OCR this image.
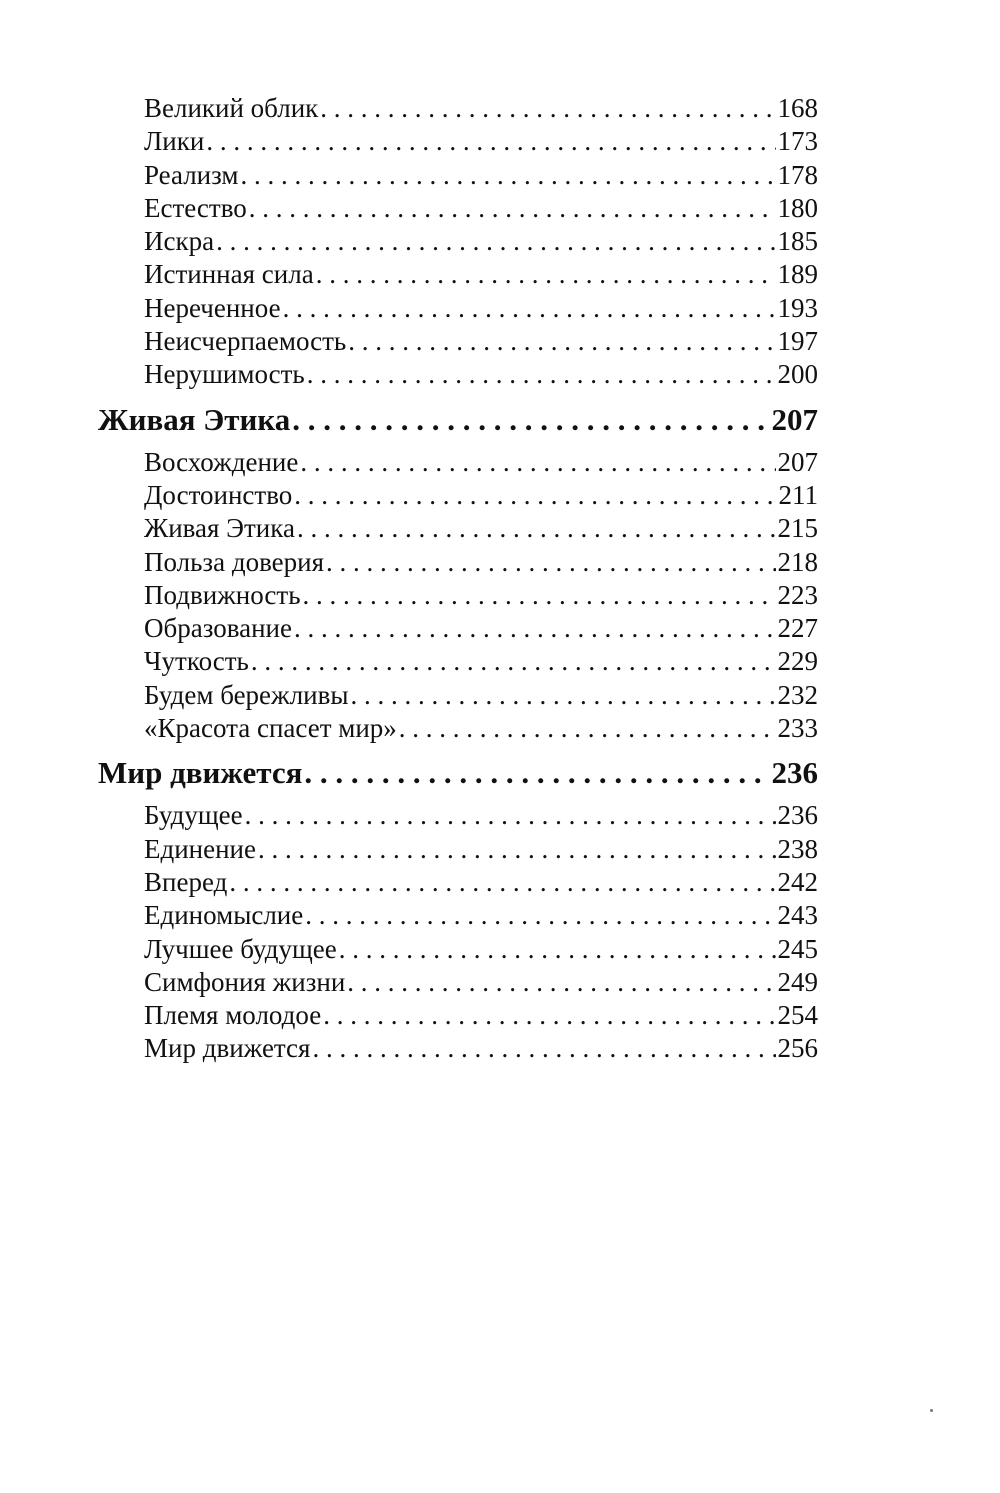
Великий облик . . .	168
Лики . . .	173
Реализм . . .	178
Естество . . .	180
Искра . . .	185
Истинная сила . . .	189
Нереченное . . .	193
Неисчерпаемость . . .	197
Нерушимость . . .	200
Живая Этика . . .	207
Восхождение . . .	207
Достоинство . . .	211
Живая Этика . . .	215
Польза доверия . . .	218
Подвижность . . .	223
Образование . . .	227
Чуткость . . .	229
Будем бережливы . . .	232
«Красота спасет мир» . . .	233
Мир движется . . .	236
Будущее . . .	236
Единение . . .	238
Вперед . . .	242
Единомыслие . . .	243
Лучшее будущее . . .	245
Симфония жизни . . .	249
Племя молодое . . .	254
Мир движется . . .	256
